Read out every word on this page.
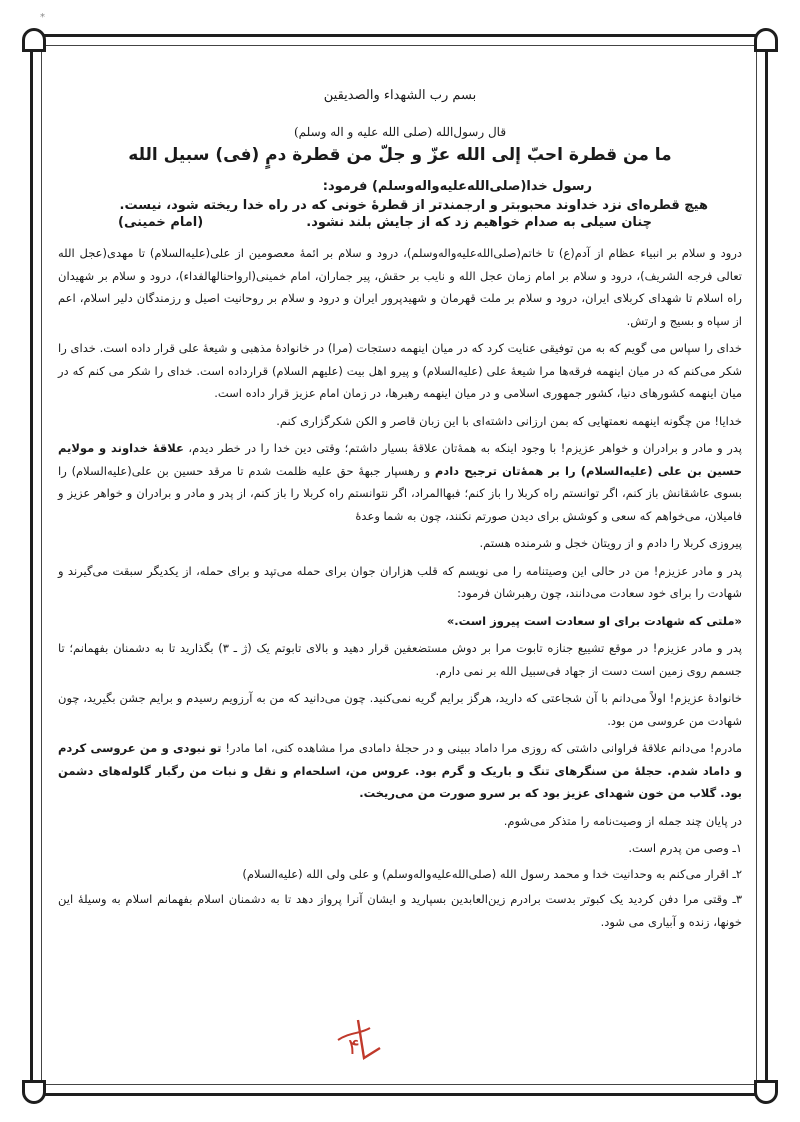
*
بسم رب الشهداء والصدیقین
قال رسول‌الله (صلی الله علیه و اله وسلم)
ما من قطرة احبّ إلی الله عزّ و جلّ من قطرة دمٍ (فی) سبیل الله
رسول خدا(صلی‌الله‌علیه‌واله‌وسلم) فرمود:
هیچ قطره‌ای نزد خداوند محبوبتر و ارجمندتر از قطرهٔ خونی که در راه خدا ریخته شود، نیست.
چنان سیلی به صدام خواهیم زد که از جایش بلند نشود.
(امام خمینی)

درود و سلام بر انبیاء عظام از آدم(ع) تا خاتم(صلی‌الله‌علیه‌واله‌وسلم)، درود و سلام بر ائمهٔ معصومین از علی(علیه‌السلام) تا مهدی(عجل الله تعالی فرجه الشریف)، درود و سلام بر امام زمان عجل الله و نایب بر حقش، پیر جماران، امام خمینی(ارواحنالهالفداء)، درود و سلام بر شهیدان راه اسلام تا شهدای کربلای ایران، درود و سلام بر ملت قهرمان و شهیدپرور ایران و درود و سلام بر روحانیت اصیل و رزمندگان دلیر اسلام، اعم از سپاه و بسیج و ارتش.

خدای را سپاس می گویم که به من توفیقی عنایت کرد که در میان اینهمه دستجات (مرا) در خانوادهٔ مذهبی و شیعهٔ علی قرار داده است. خدای را شکر می‌کنم که در میان اینهمه فرقه‌ها مرا شیعهٔ علی (علیه‌السلام) و پیرو اهل بیت (علیهم السلام) قرارداده است. خدای را شکر می کنم که در میان اینهمه کشورهای دنیا، کشور جمهوری اسلامی و در میان اینهمه رهبرها، در زمان امام عزیز قرار داده است.

خدایا! من چگونه اینهمه نعمتهایی که بمن ارزانی داشته‌ای با این زبان قاصر و الکن شکرگزاری کنم.

پدر و مادر و برادران و خواهر عزیزم! با وجود اینکه به همهٔ‌تان علاقهٔ بسیار داشتم؛ وقتی دین خدا را در خطر دیدم، علاقهٔ خداوند و مولایم حسین بن علی (علیه‌السلام) را بر همهٔ‌تان ترجیح دادم و رهسپار جبههٔ حق علیه ظلمت شدم تا مرقد حسین بن علی(علیه‌السلام) را بسوی عاشقانش باز کنم، اگر توانستم راه کربلا را باز کنم؛ فبهاالمراد، اگر نتوانستم راه کربلا را باز کنم، از پدر و مادر و برادران و خواهر عزیز و فامیلان، می‌خواهم که سعی و کوشش برای دیدن صورتم نکنند، چون به شما وعدهٔ

پیروزی کربلا را دادم و از رویتان خجل و شرمنده هستم.

پدر و مادر عزیزم! من در حالی این وصیتنامه را می نویسم که قلب هزاران جوان برای حمله می‌تپد و برای حمله، از یکدیگر سبقت می‌گیرند و شهادت را برای خود سعادت می‌دانند، چون رهبرشان فرمود:

«ملتی که شهادت برای او سعادت است پیروز است.»

پدر و مادر عزیزم! در موقع تشییع جنازه تابوت مرا بر دوش مستضعفین قرار دهید و بالای تابوتم یک (ژ ـ ۳) بگذارید تا به دشمنان بفهمانم؛ تا جسمم روی زمین است دست از جهاد فی‌سبیل الله بر نمی دارم.

خانوادهٔ عزیزم! اولاً می‌دانم با آن شجاعتی که دارید، هرگز برایم گریه نمی‌کنید. چون می‌دانید که من به آرزویم رسیدم و برایم جشن بگیرید، چون شهادت من عروسی من بود.

مادرم! می‌دانم علاقهٔ فراوانی داشتی که روزی مرا داماد ببینی و در حجلهٔ دامادی مرا مشاهده کنی، اما مادر! تو نبودی و من عروسی کردم و داماد شدم. حجلهٔ من سنگرهای تنگ و باریک و گرم بود. عروس من، اسلحه‌ام و نقل و نبات من رگبار گلوله‌های دشمن بود. گلاب من خون شهدای عزیز بود که بر سرو صورت من می‌ریخت.

در پایان چند جمله از وصیت‌نامه را متذکر می‌شوم.

۱ـ وصی من پدرم است.

۲ـ اقرار می‌کنم به وحدانیت خدا و محمد رسول الله (صلی‌الله‌علیه‌واله‌وسلم) و علی ولی الله (علیه‌السلام)

۳ـ وقتی مرا دفن کردید یک کبوتر بدست برادرم زین‌العابدین بسپارید و ایشان آنرا پرواز دهد تا به دشمنان اسلام بفهمانم اسلام به وسیلهٔ این خونها، زنده و آبیاری می شود.

۴
